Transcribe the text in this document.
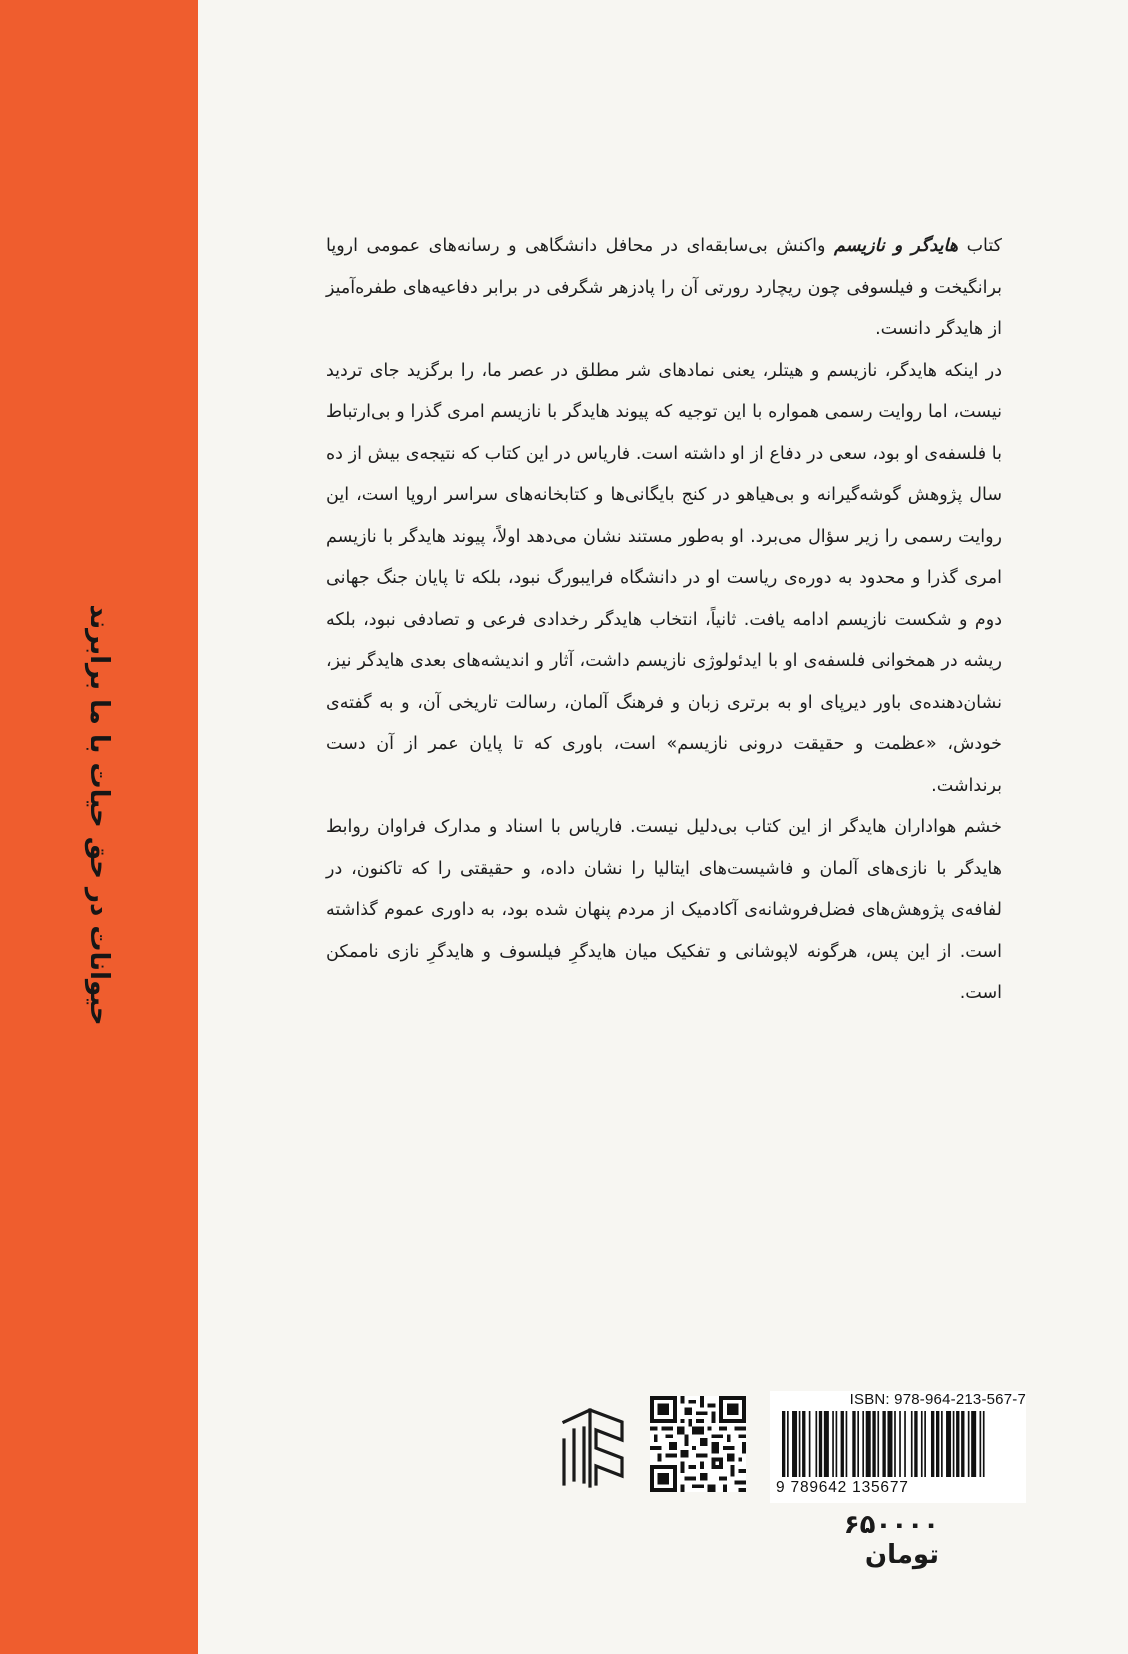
حیوانات در حق حیات با ما برابرند

کتاب هایدگر و نازیسم واکنش بی‌سابقه‌ای در محافل دانشگاهی و رسانه‌های عمومی اروپا برانگیخت و فیلسوفی چون ریچارد رورتی آن را پادزهر شگرفی در برابر دفاعیه‌های طفره‌آمیز از هایدگر دانست.

در اینکه هایدگر، نازیسم و هیتلر، یعنی نمادهای شر مطلق در عصر ما، را برگزید جای تردید نیست، اما روایت رسمی همواره با این توجیه که پیوند هایدگر با نازیسم امری گذرا و بی‌ارتباط با فلسفه‌ی او بود، سعی در دفاع از او داشته است. فاریاس در این کتاب که نتیجه‌ی بیش از ده سال پژوهش گوشه‌گیرانه و بی‌هیاهو در کنج بایگانی‌ها و کتابخانه‌های سراسر اروپا است، این روایت رسمی را زیر سؤال می‌برد. او به‌طور مستند نشان می‌دهد اولاً، پیوند هایدگر با نازیسم امری گذرا و محدود به دوره‌ی ریاست او در دانشگاه فرایبورگ نبود، بلکه تا پایان جنگ جهانی دوم و شکست نازیسم ادامه یافت. ثانیاً، انتخاب هایدگر رخدادی فرعی و تصادفی نبود، بلکه ریشه در همخوانی فلسفه‌ی او با ایدئولوژی نازیسم داشت، آثار و اندیشه‌های بعدی هایدگر نیز، نشان‌دهنده‌ی باور دیرپای او به برتری زبان و فرهنگ آلمان، رسالت تاریخی آن، و به گفته‌ی خودش، «عظمت و حقیقت درونی نازیسم» است، باوری که تا پایان عمر از آن دست برنداشت.

خشم هواداران هایدگر از این کتاب بی‌دلیل نیست. فاریاس با اسناد و مدارک فراوان روابط هایدگر با نازی‌های آلمان و فاشیست‌های ایتالیا را نشان داده، و حقیقتی را که تاکنون، در لفافه‌ی پژوهش‌های فضل‌فروشانه‌ی آکادمیک از مردم پنهان شده بود، به داوری عموم گذاشته است. از این پس، هرگونه لاپوشانی و تفکیک میان هایدگرِ فیلسوف و هایدگرِ نازی ناممکن است.

ISBN: 978-964-213-567-7
9 789642 135677
۶۵۰۰۰۰ تومان
